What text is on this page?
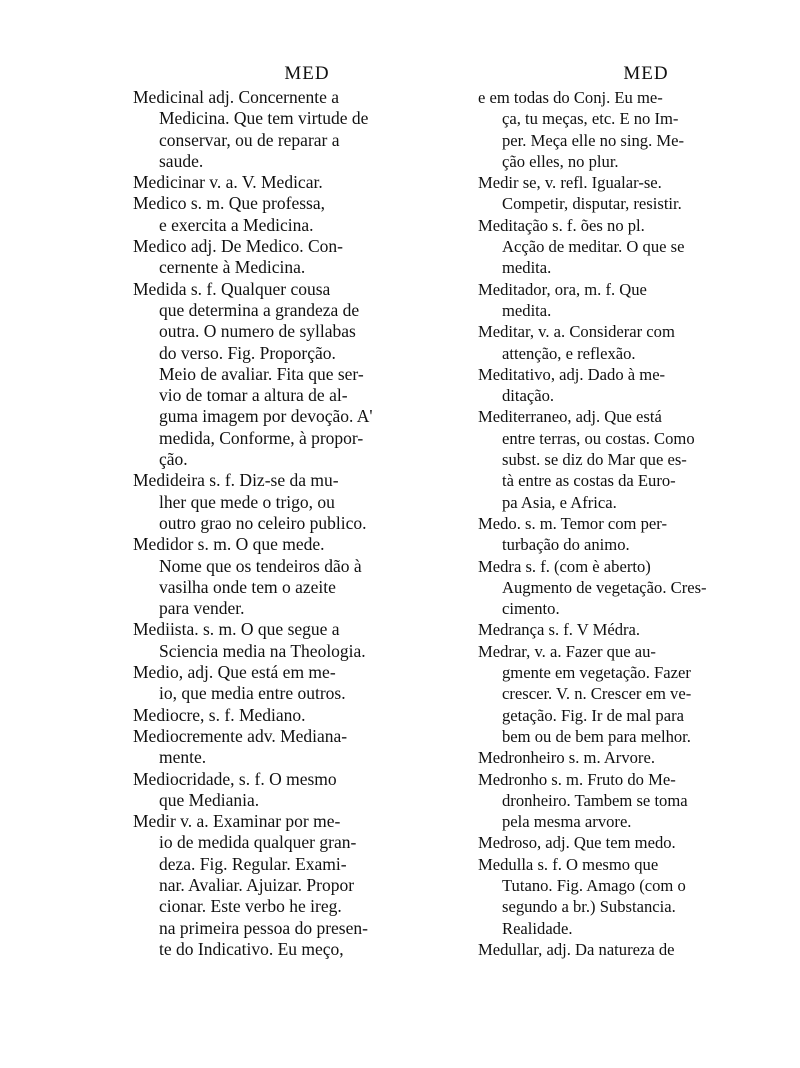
MED
Medicinal adj. Concernente a
Medicina. Que tem virtude de
conservar, ou de reparar a
saude.
Medicinar v. a. V. Medicar.
Medico s. m. Que professa,
e exercita a Medicina.
Medico adj. De Medico. Con-
cernente à Medicina.
Medida s. f. Qualquer cousa
que determina a grandeza de
outra. O numero de syllabas
do verso. Fig. Proporção.
Meio de avaliar. Fita que ser-
vio de tomar a altura de al-
guma imagem por devoção. A'
medida, Conforme, à propor-
ção.
Medideira s. f. Diz-se da mu-
lher que mede o trigo, ou
outro grao no celeiro publico.
Medidor s. m. O que mede.
Nome que os tendeiros dão à
vasilha onde tem o azeite
para vender.
Mediista. s. m. O que segue a
Sciencia media na Theologia.
Medio, adj. Que está em me-
io, que media entre outros.
Mediocre, s. f. Mediano.
Mediocremente adv. Mediana-
mente.
Mediocridade, s. f. O mesmo
que Mediania.
Medir v. a. Examinar por me-
io de medida qualquer gran-
deza. Fig. Regular. Exami-
nar. Avaliar. Ajuizar. Propor
cionar. Este verbo he ireg.
na primeira pessoa do presen-
te do Indicativo. Eu meço,
MED
e em todas do Conj. Eu me-
ça, tu meças, etc. E no Im-
per. Meça elle no sing. Me-
ção elles, no plur.
Medir se, v. refl. Igualar-se.
Competir, disputar, resistir.
Meditação s. f. ões no pl.
Acção de meditar. O que se
medita.
Meditador, ora, m. f. Que
medita.
Meditar, v. a. Considerar com
attenção, e reflexão.
Meditativo, adj. Dado à me-
ditação.
Mediterraneo, adj. Que está
entre terras, ou costas. Como
subst. se diz do Mar que es-
tà entre as costas da Euro-
pa Asia, e Africa.
Medo. s. m. Temor com per-
turbação do animo.
Medra s. f. (com è aberto)
Augmento de vegetação. Cres-
cimento.
Medrança s. f. V Médra.
Medrar, v. a. Fazer que au-
gmente em vegetação. Fazer
crescer. V. n. Crescer em ve-
getação. Fig. Ir de mal para
bem ou de bem para melhor.
Medronheiro s. m. Arvore.
Medronho s. m. Fruto do Me-
dronheiro. Tambem se toma
pela mesma arvore.
Medroso, adj. Que tem medo.
Medulla s. f. O mesmo que
Tutano. Fig. Amago (com o
segundo a br.) Substancia.
Realidade.
Medullar, adj. Da natureza de
